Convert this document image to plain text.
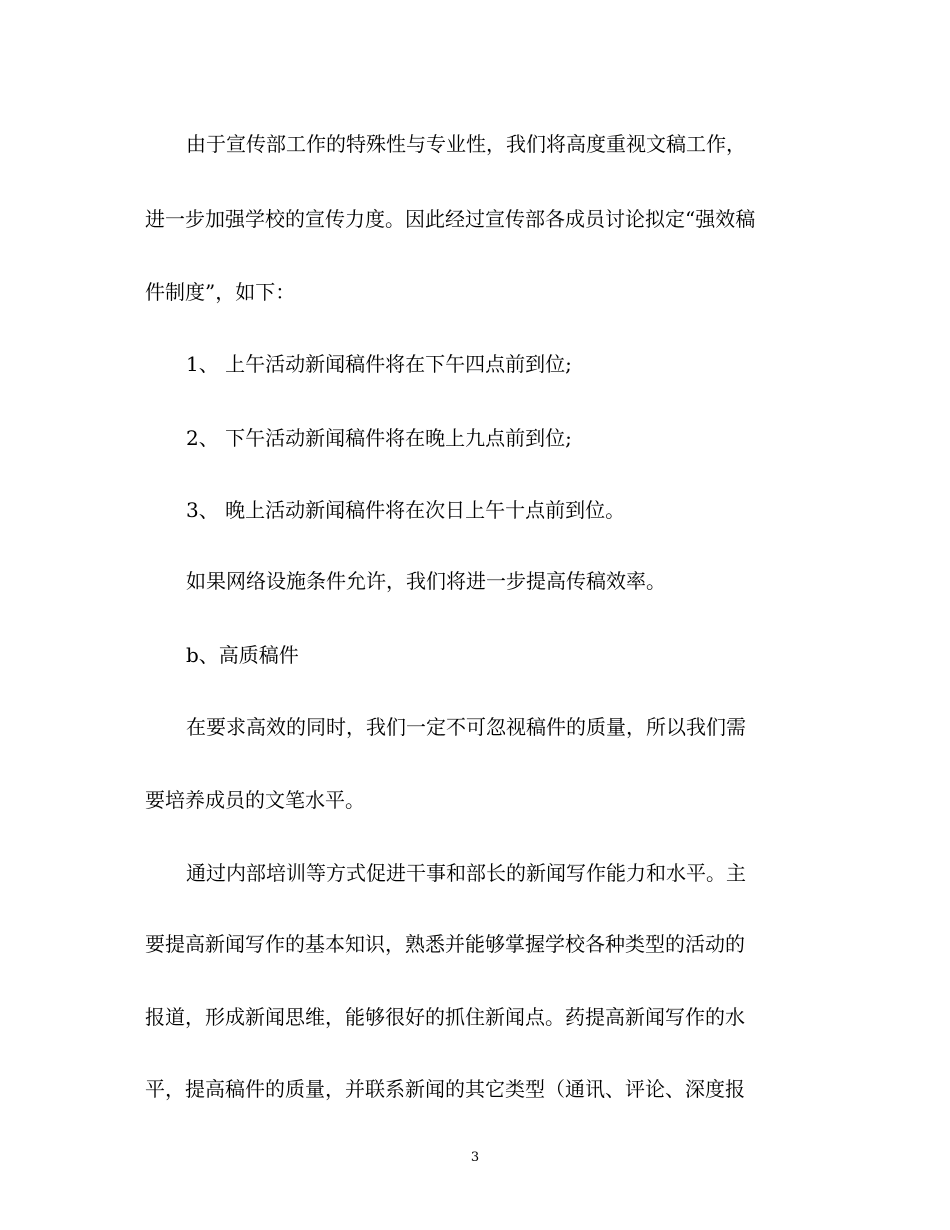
由于宣传部工作的特殊性与专业性，我们将高度重视文稿工作，
进一步加强学校的宣传力度。因此经过宣传部各成员讨论拟定“强效稿
件制度”，如下：
1、 上午活动新闻稿件将在下午四点前到位;
2、 下午活动新闻稿件将在晚上九点前到位;
3、 晚上活动新闻稿件将在次日上午十点前到位。
如果网络设施条件允许，我们将进一步提高传稿效率。
b、高质稿件
在要求高效的同时，我们一定不可忽视稿件的质量，所以我们需
要培养成员的文笔水平。
通过内部培训等方式促进干事和部长的新闻写作能力和水平。主
要提高新闻写作的基本知识，熟悉并能够掌握学校各种类型的活动的
报道，形成新闻思维，能够很好的抓住新闻点。药提高新闻写作的水
平，提高稿件的质量，并联系新闻的其它类型（通讯、评论、深度报
3
